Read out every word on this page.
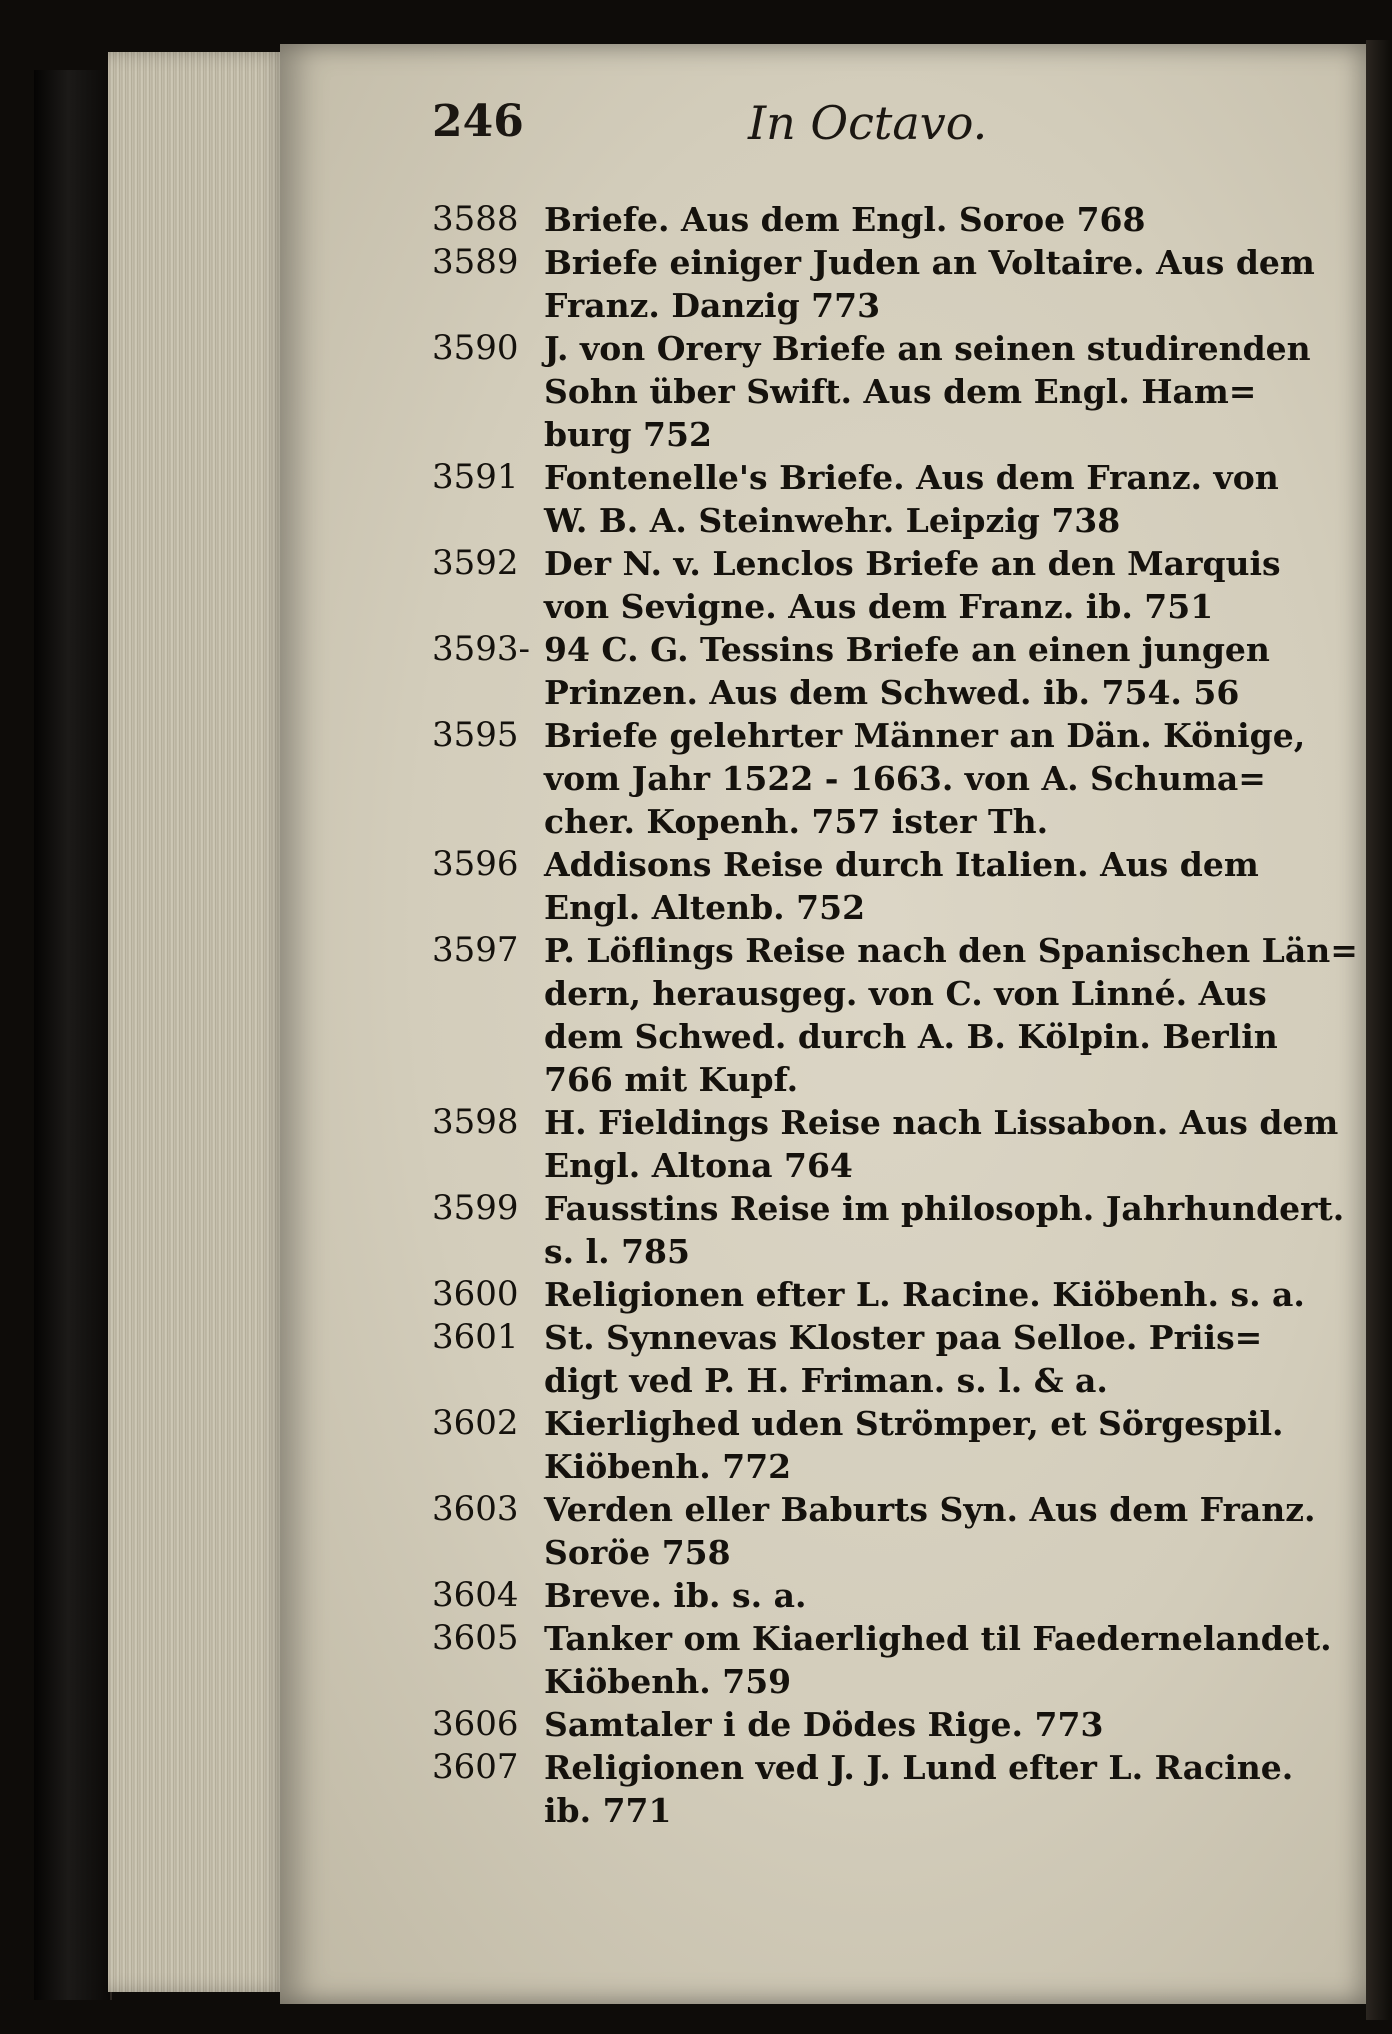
246	In Octavo.
3588 Briefe. Aus dem Engl. Soroe 768
3589 Briefe einiger Juden an Voltaire. Aus dem
Franz. Danzig 773
3590 J. von Orery Briefe an seinen studirenden
Sohn über Swift. Aus dem Engl. Ham=
burg 752
3591 Fontenelle's Briefe. Aus dem Franz. von
W. B. A. Steinwehr. Leipzig 738
3592 Der N. v. Lenclos Briefe an den Marquis
von Sevigne. Aus dem Franz. ib. 751
3593- 94 C. G. Tessins Briefe an einen jungen
Prinzen. Aus dem Schwed. ib. 754. 56
3595 Briefe gelehrter Männer an Dän. Könige,
vom Jahr 1522 - 1663. von A. Schuma=
cher. Kopenh. 757 ister Th.
3596 Addisons Reise durch Italien. Aus dem
Engl. Altenb. 752
3597 P. Löflings Reise nach den Spanischen Län=
dern, herausgeg. von C. von Linné. Aus
dem Schwed. durch A. B. Kölpin. Berlin
766 mit Kupf.
3598 H. Fieldings Reise nach Lissabon. Aus dem
Engl. Altona 764
3599 Fausstins Reise im philosoph. Jahrhundert.
s. l. 785
3600 Religionen efter L. Racine. Kiöbenh. s. a.
3601 St. Synnevas Kloster paa Selloe. Priis=
digt ved P. H. Friman. s. l. & a.
3602 Kierlighed uden Strömper, et Sörgespil.
Kiöbenh. 772
3603 Verden eller Baburts Syn. Aus dem Franz.
Soröe 758
3604 Breve. ib. s. a.
3605 Tanker om Kiaerlighed til Faedernelandet.
Kiöbenh. 759
3606 Samtaler i de Dödes Rige. 773
3607 Religionen ved J. J. Lund efter L. Racine.
ib. 771
